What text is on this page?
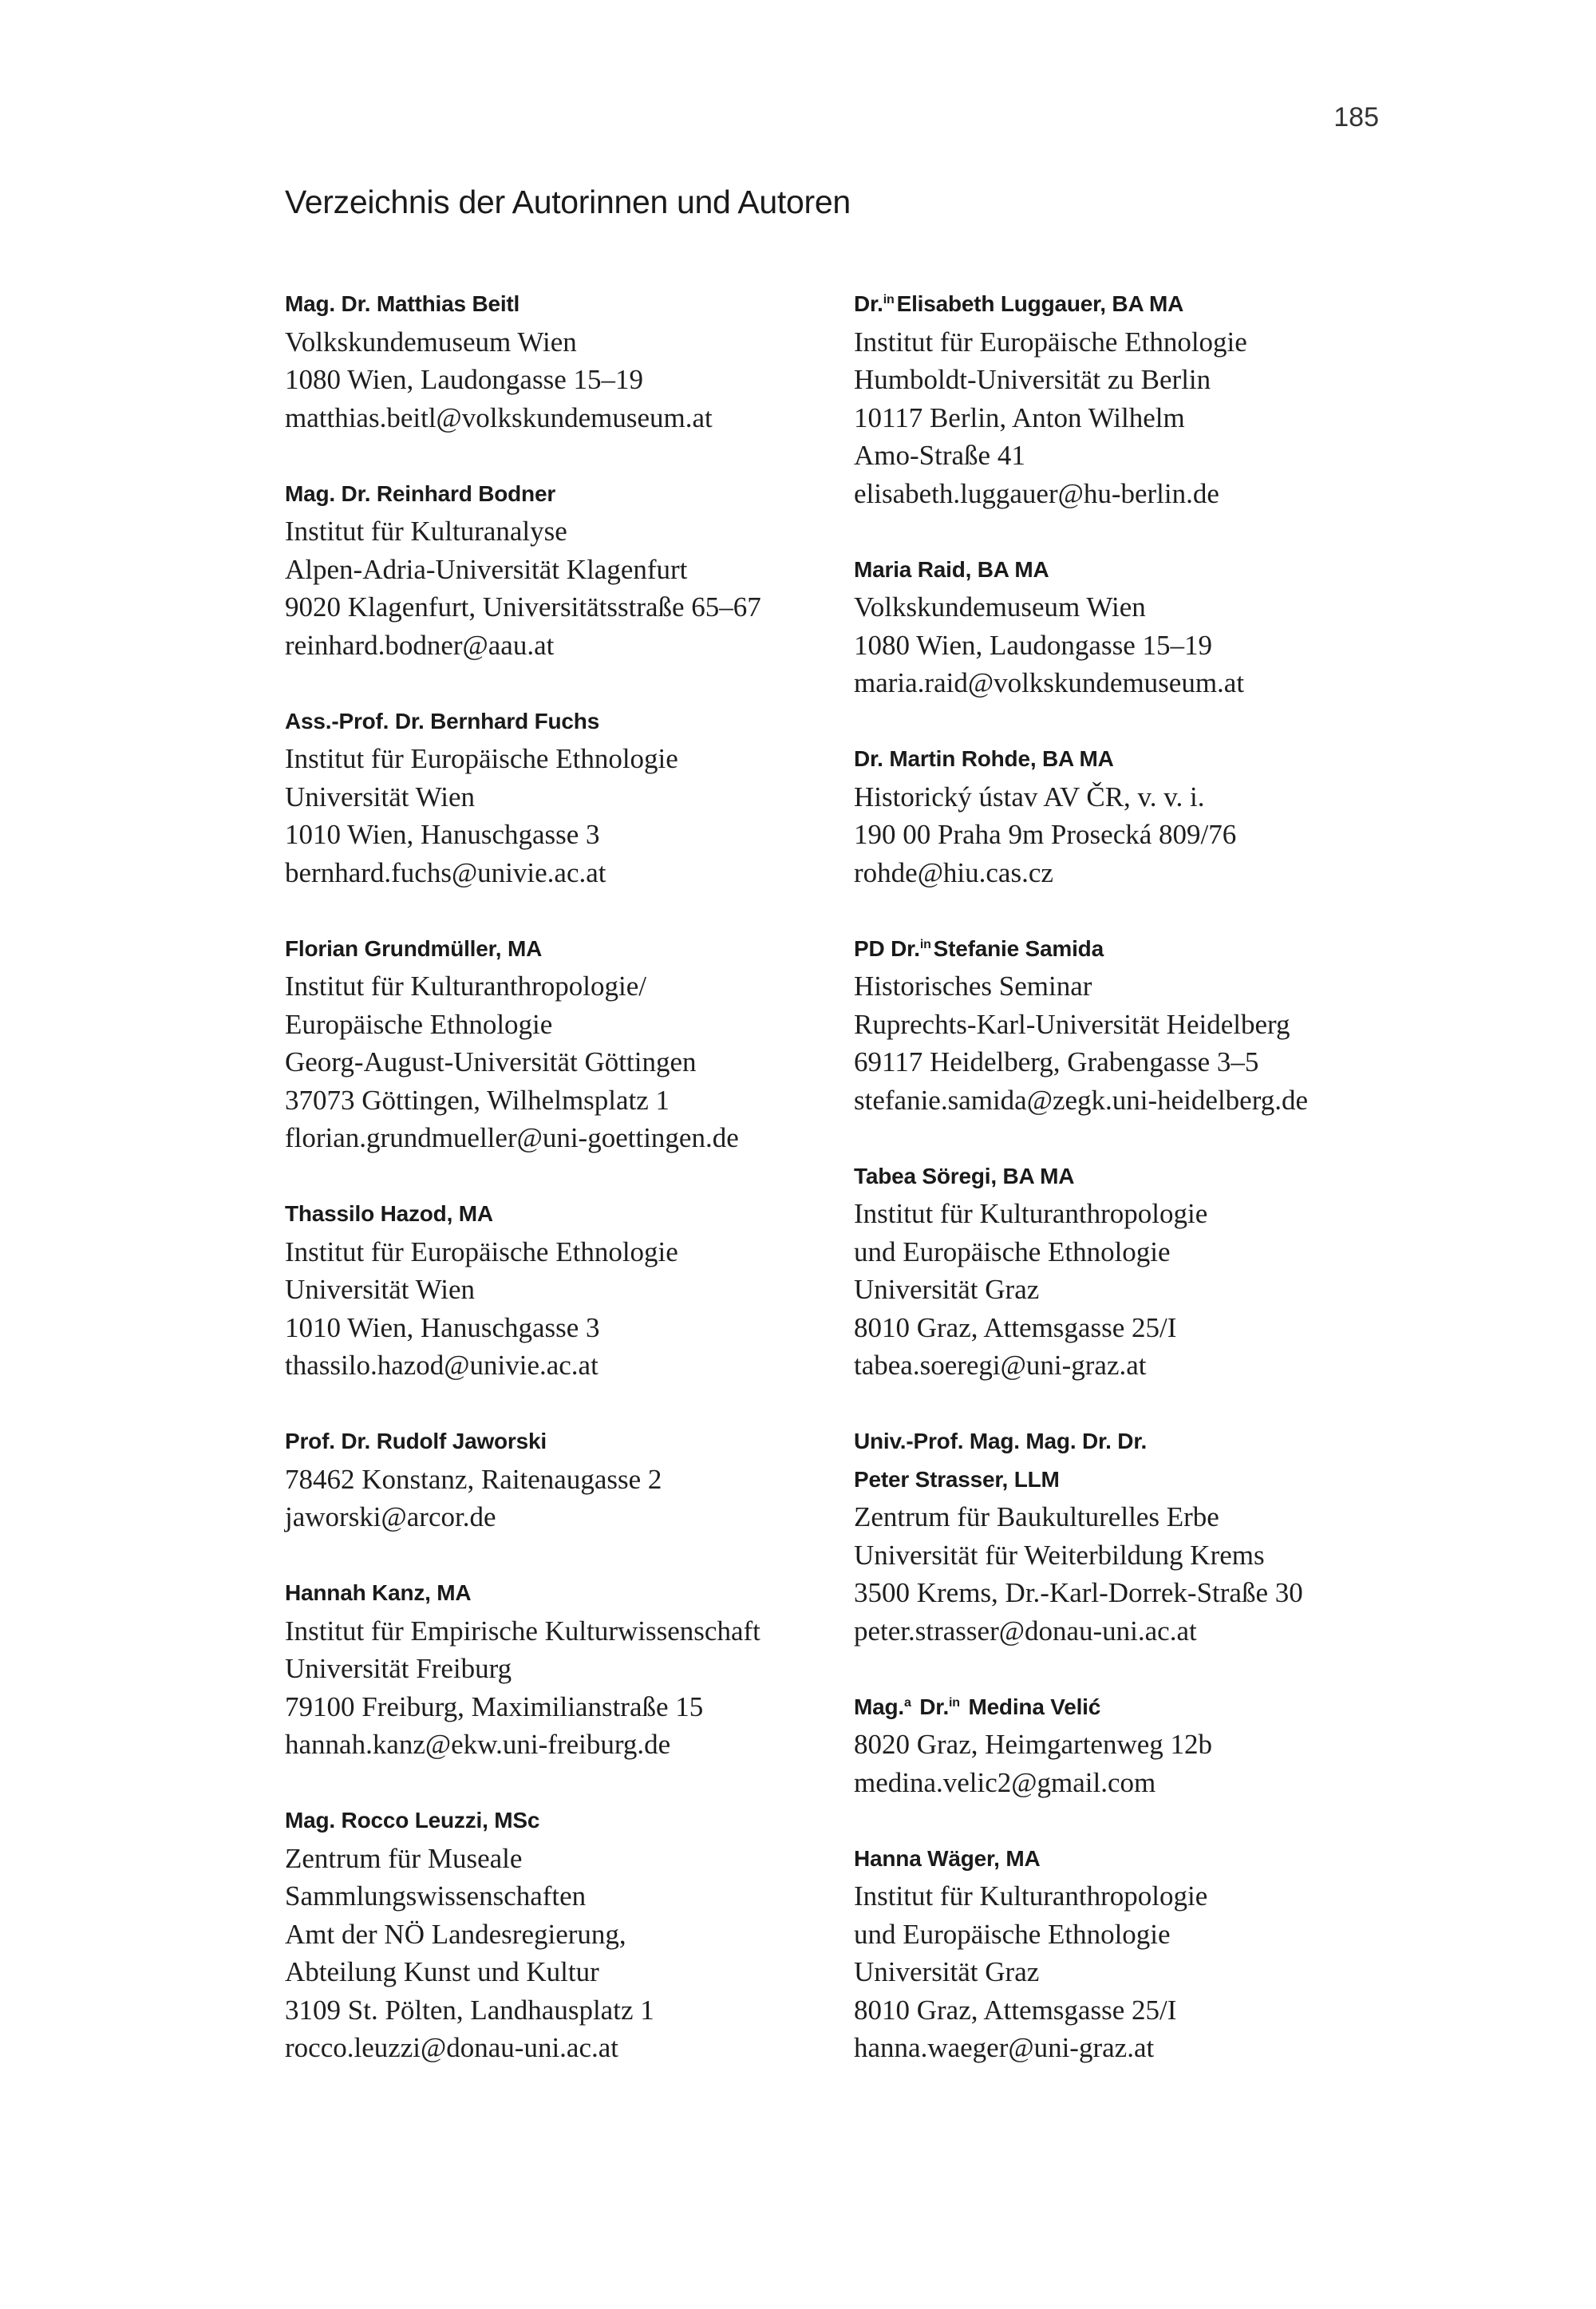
185
Verzeichnis der Autorinnen und Autoren
Mag. Dr. Matthias Beitl
Volkskundemuseum Wien
1080 Wien, Laudongasse 15–19
matthias.beitl@volkskundemuseum.at
Mag. Dr. Reinhard Bodner
Institut für Kulturanalyse
Alpen-Adria-Universität Klagenfurt
9020 Klagenfurt, Universitätsstraße 65–67
reinhard.bodner@aau.at
Ass.-Prof. Dr. Bernhard Fuchs
Institut für Europäische Ethnologie
Universität Wien
1010 Wien, Hanuschgasse 3
bernhard.fuchs@univie.ac.at
Florian Grundmüller, MA
Institut für Kulturanthropologie/
Europäische Ethnologie
Georg-August-Universität Göttingen
37073 Göttingen, Wilhelmsplatz 1
florian.grundmueller@uni-goettingen.de
Thassilo Hazod, MA
Institut für Europäische Ethnologie
Universität Wien
1010 Wien, Hanuschgasse 3
thassilo.hazod@univie.ac.at
Prof. Dr. Rudolf Jaworski
78462 Konstanz, Raitenaugasse 2
jaworski@arcor.de
Hannah Kanz, MA
Institut für Empirische Kulturwissenschaft
Universität Freiburg
79100 Freiburg, Maximilianstraße 15
hannah.kanz@ekw.uni-freiburg.de
Mag. Rocco Leuzzi, MSc
Zentrum für Museale
Sammlungswissenschaften
Amt der NÖ Landesregierung,
Abteilung Kunst und Kultur
3109 St. Pölten, Landhausplatz 1
rocco.leuzzi@donau-uni.ac.at
Dr.$^{in}$ Elisabeth Luggauer, BA MA
Institut für Europäische Ethnologie
Humboldt-Universität zu Berlin
10117 Berlin, Anton Wilhelm
Amo-Straße 41
elisabeth.luggauer@hu-berlin.de
Maria Raid, BA MA
Volkskundemuseum Wien
1080 Wien, Laudongasse 15–19
maria.raid@volkskundemuseum.at
Dr. Martin Rohde, BA MA
Historický ústav AV ČR, v. v. i.
190 00 Praha 9m Prosecká 809/76
rohde@hiu.cas.cz
PD Dr.$^{in}$ Stefanie Samida
Historisches Seminar
Ruprechts-Karl-Universität Heidelberg
69117 Heidelberg, Grabengasse 3–5
stefanie.samida@zegk.uni-heidelberg.de
Tabea Söregi, BA MA
Institut für Kulturanthropologie
und Europäische Ethnologie
Universität Graz
8010 Graz, Attemsgasse 25/I
tabea.soeregi@uni-graz.at
Univ.-Prof. Mag. Mag. Dr. Dr.
Peter Strasser, LLM
Zentrum für Baukulturelles Erbe
Universität für Weiterbildung Krems
3500 Krems, Dr.-Karl-Dorrek-Straße 30
peter.strasser@donau-uni.ac.at
Mag.$^a$ Dr.$^{in}$ Medina Velić
8020 Graz, Heimgartenweg 12b
medina.velic2@gmail.com
Hanna Wäger, MA
Institut für Kulturanthropologie
und Europäische Ethnologie
Universität Graz
8010 Graz, Attemsgasse 25/I
hanna.waeger@uni-graz.at
